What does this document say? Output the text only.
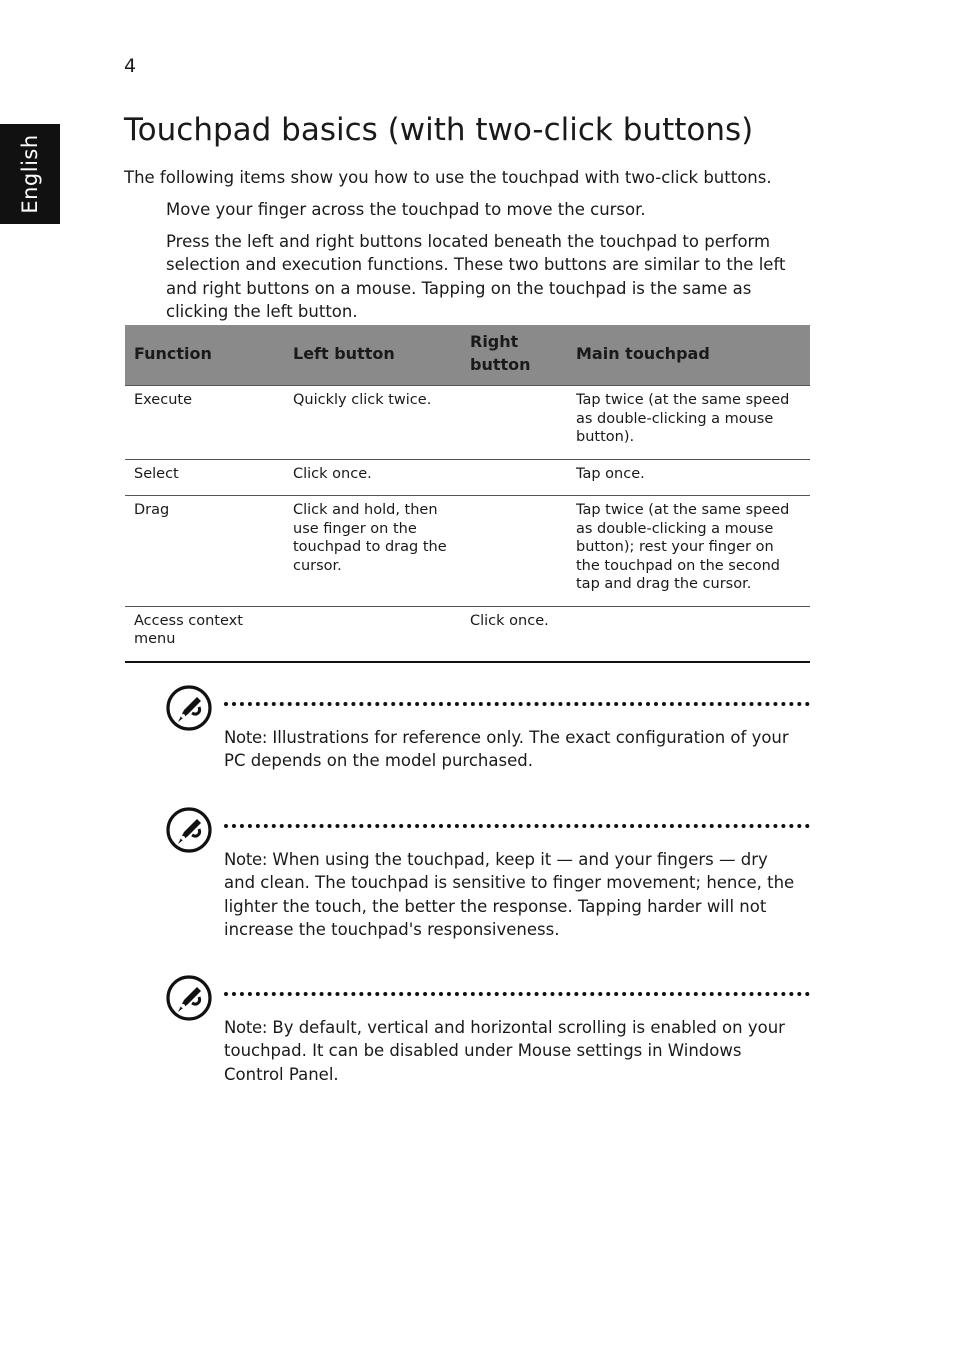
4
English
Touchpad basics (with two-click buttons)

The following items show you how to use the touchpad with two-click buttons.

Move your finger across the touchpad to move the cursor.

Press the left and right buttons located beneath the touchpad to perform selection and execution functions. These two buttons are similar to the left and right buttons on a mouse. Tapping on the touchpad is the same as clicking the left button.

Function	Left button	Right button	Main touchpad
Execute	Quickly click twice.		Tap twice (at the same speed as double-clicking a mouse button).
Select	Click once.		Tap once.
Drag	Click and hold, then use finger on the touchpad to drag the cursor.		Tap twice (at the same speed as double-clicking a mouse button); rest your finger on the touchpad on the second tap and drag the cursor.
Access context menu		Click once.	

Note: Illustrations for reference only. The exact configuration of your PC depends on the model purchased.

Note: When using the touchpad, keep it — and your fingers — dry and clean. The touchpad is sensitive to finger movement; hence, the lighter the touch, the better the response. Tapping harder will not increase the touchpad's responsiveness.

Note: By default, vertical and horizontal scrolling is enabled on your touchpad. It can be disabled under Mouse settings in Windows Control Panel.
